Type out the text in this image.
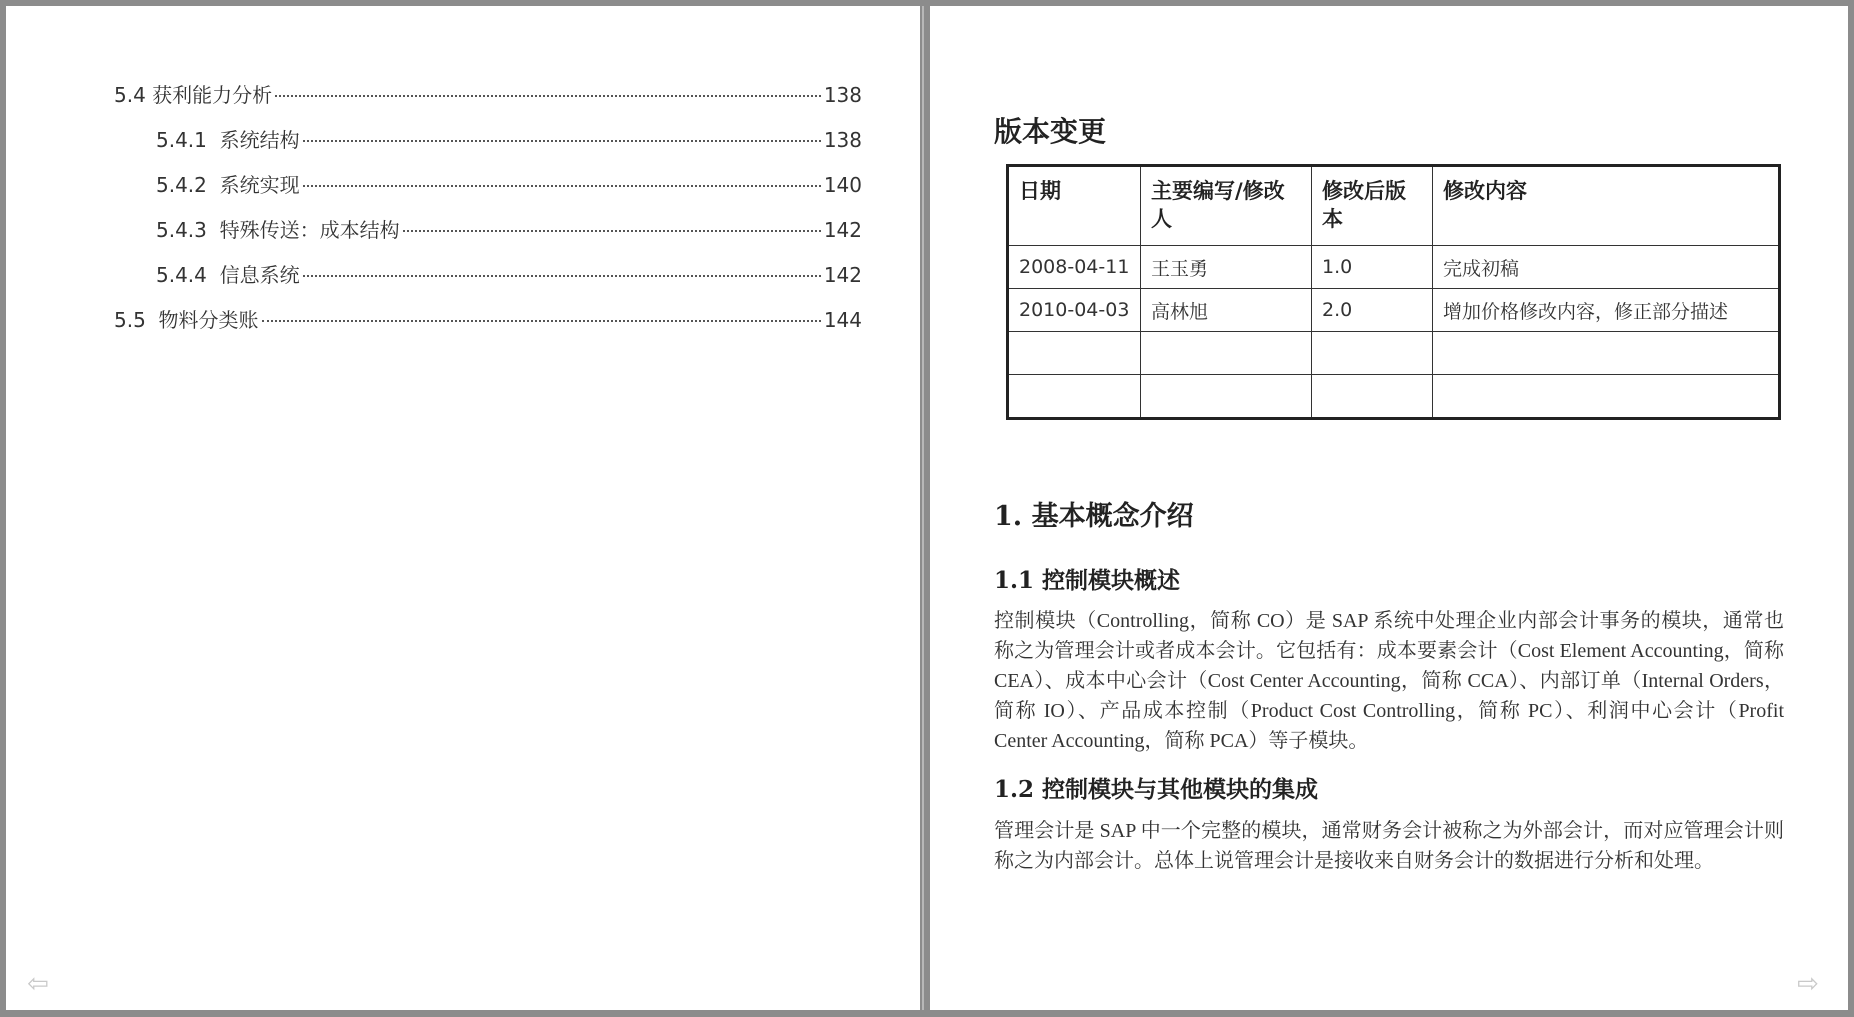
5.4 获利能力分析	138
5.4.1 系统结构	138
5.4.2 系统实现	140
5.4.3 特殊传送：成本结构	142
5.4.4 信息系统	142
5.5 物料分类账	144
⇦
版本变更
日期	主要编写/修改人	修改后版本	修改内容
2008-04-11	王玉勇	1.0	完成初稿
2010-04-03	高林旭	2.0	增加价格修改内容，修正部分描述

1. 基本概念介绍
1.1 控制模块概述

控制模块（Controlling，简称 CO）是 SAP 系统中处理企业内部会计事务的模块，通常也称之为管理会计或者成本会计。它包括有：成本要素会计（Cost Element Accounting，简称 CEA）、成本中心会计（Cost Center Accounting，简称 CCA）、内部订单（Internal Orders，简称 IO）、产品成本控制（Product Cost Controlling，简称 PC）、利润中心会计（Profit Center Accounting，简称 PCA）等子模块。

1.2 控制模块与其他模块的集成

管理会计是 SAP 中一个完整的模块，通常财务会计被称之为外部会计，而对应管理会计则称之为内部会计。总体上说管理会计是接收来自财务会计的数据进行分析和处理。

⇨
